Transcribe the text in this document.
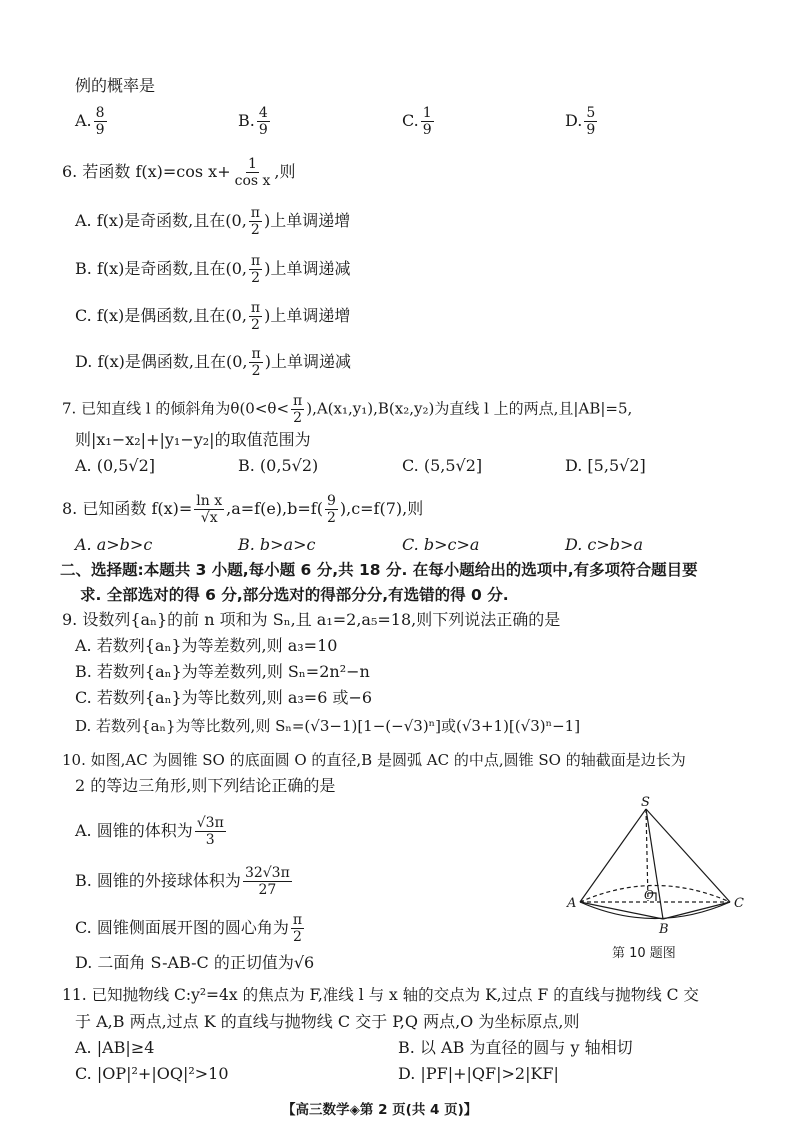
例的概率是
A. $\frac{8}{9}$	B. $\frac{4}{9}$	C. $\frac{1}{9}$	D. $\frac{5}{9}$
6. 若函数 f(x)=cos $x+ \frac{1}{\text{cos x}}$ ,则
A. f(x)是奇函数,且在(0, $\frac{\pi}{2}$ )上单调递增
B. f(x)是奇函数,且在(0, $\frac{\pi}{2}$ )上单调递减
C. f(x)是偶函数,且在(0, $\frac{\pi}{2}$ )上单调递增
D. f(x)是偶函数,且在(0, $\frac{\pi}{2}$ )上单调递减
7. 已知直线 l 的倾斜角为$\theta(0<\theta< \frac{\pi}{2} ),A(x_1,y_1),B(x_2,y_2)$为直线 l 上的两点,且|AB|=5,
则|x₁−x₂|+|y₁−y₂|的取值范围为
A. (0,5√2]	B. (0,5√2)	C. (5,5√2]	D. [5,5√2]
8. 已知函数 $f(x)= \frac{\text{ln x}}{√x} ,a=f(e),b=f( \frac{9}{2} ),c=f(7)$,则
A. a>b>c	B. b>a>c	C. b>c>a	D. c>b>a
二、选择题:本题共 3 小题,每小题 6 分,共 18 分. 在每小题给出的选项中,有多项符合题目要
求. 全部选对的得 6 分,部分选对的得部分分,有选错的得 0 分.
9. 设数列{aₙ}的前 n 项和为 Sₙ,且 a₁=2,a₅=18,则下列说法正确的是
A. 若数列{aₙ}为等差数列,则 a₃=10
B. 若数列{aₙ}为等差数列,则 Sₙ=2n²−n
C. 若数列{aₙ}为等比数列,则 a₃=6 或−6
D. 若数列{aₙ}为等比数列,则 Sₙ=(√3−1)[1−(−√3)ⁿ]或(√3+1)[(√3)ⁿ−1]
10. 如图,AC 为圆锥 SO 的底面圆 O 的直径,B 是圆弧 AC 的中点,圆锥 SO 的轴截面是边长为
2 的等边三角形,则下列结论正确的是
A. 圆锥的体积为 $\frac{√3\pi}{3}$
B. 圆锥的外接球体积为 $\frac{32√3\pi}{27}$
C. 圆锥侧面展开图的圆心角为 $\frac{\pi}{2}$
D. 二面角 S-AB-C 的正切值为√6
S
A	C
B
O
第 10 题图
11. 已知抛物线 C:y²=4x 的焦点为 F,准线 l 与 x 轴的交点为 K,过点 F 的直线与抛物线 C 交
于 A,B 两点,过点 K 的直线与抛物线 C 交于 P,Q 两点,O 为坐标原点,则
A. |AB|≥4	B. 以 AB 为直径的圆与 y 轴相切
C. |OP|²+|OQ|²>10	D. |PF|+|QF|>2|KF|
【高三数学◈第 2 页(共 4 页)】
